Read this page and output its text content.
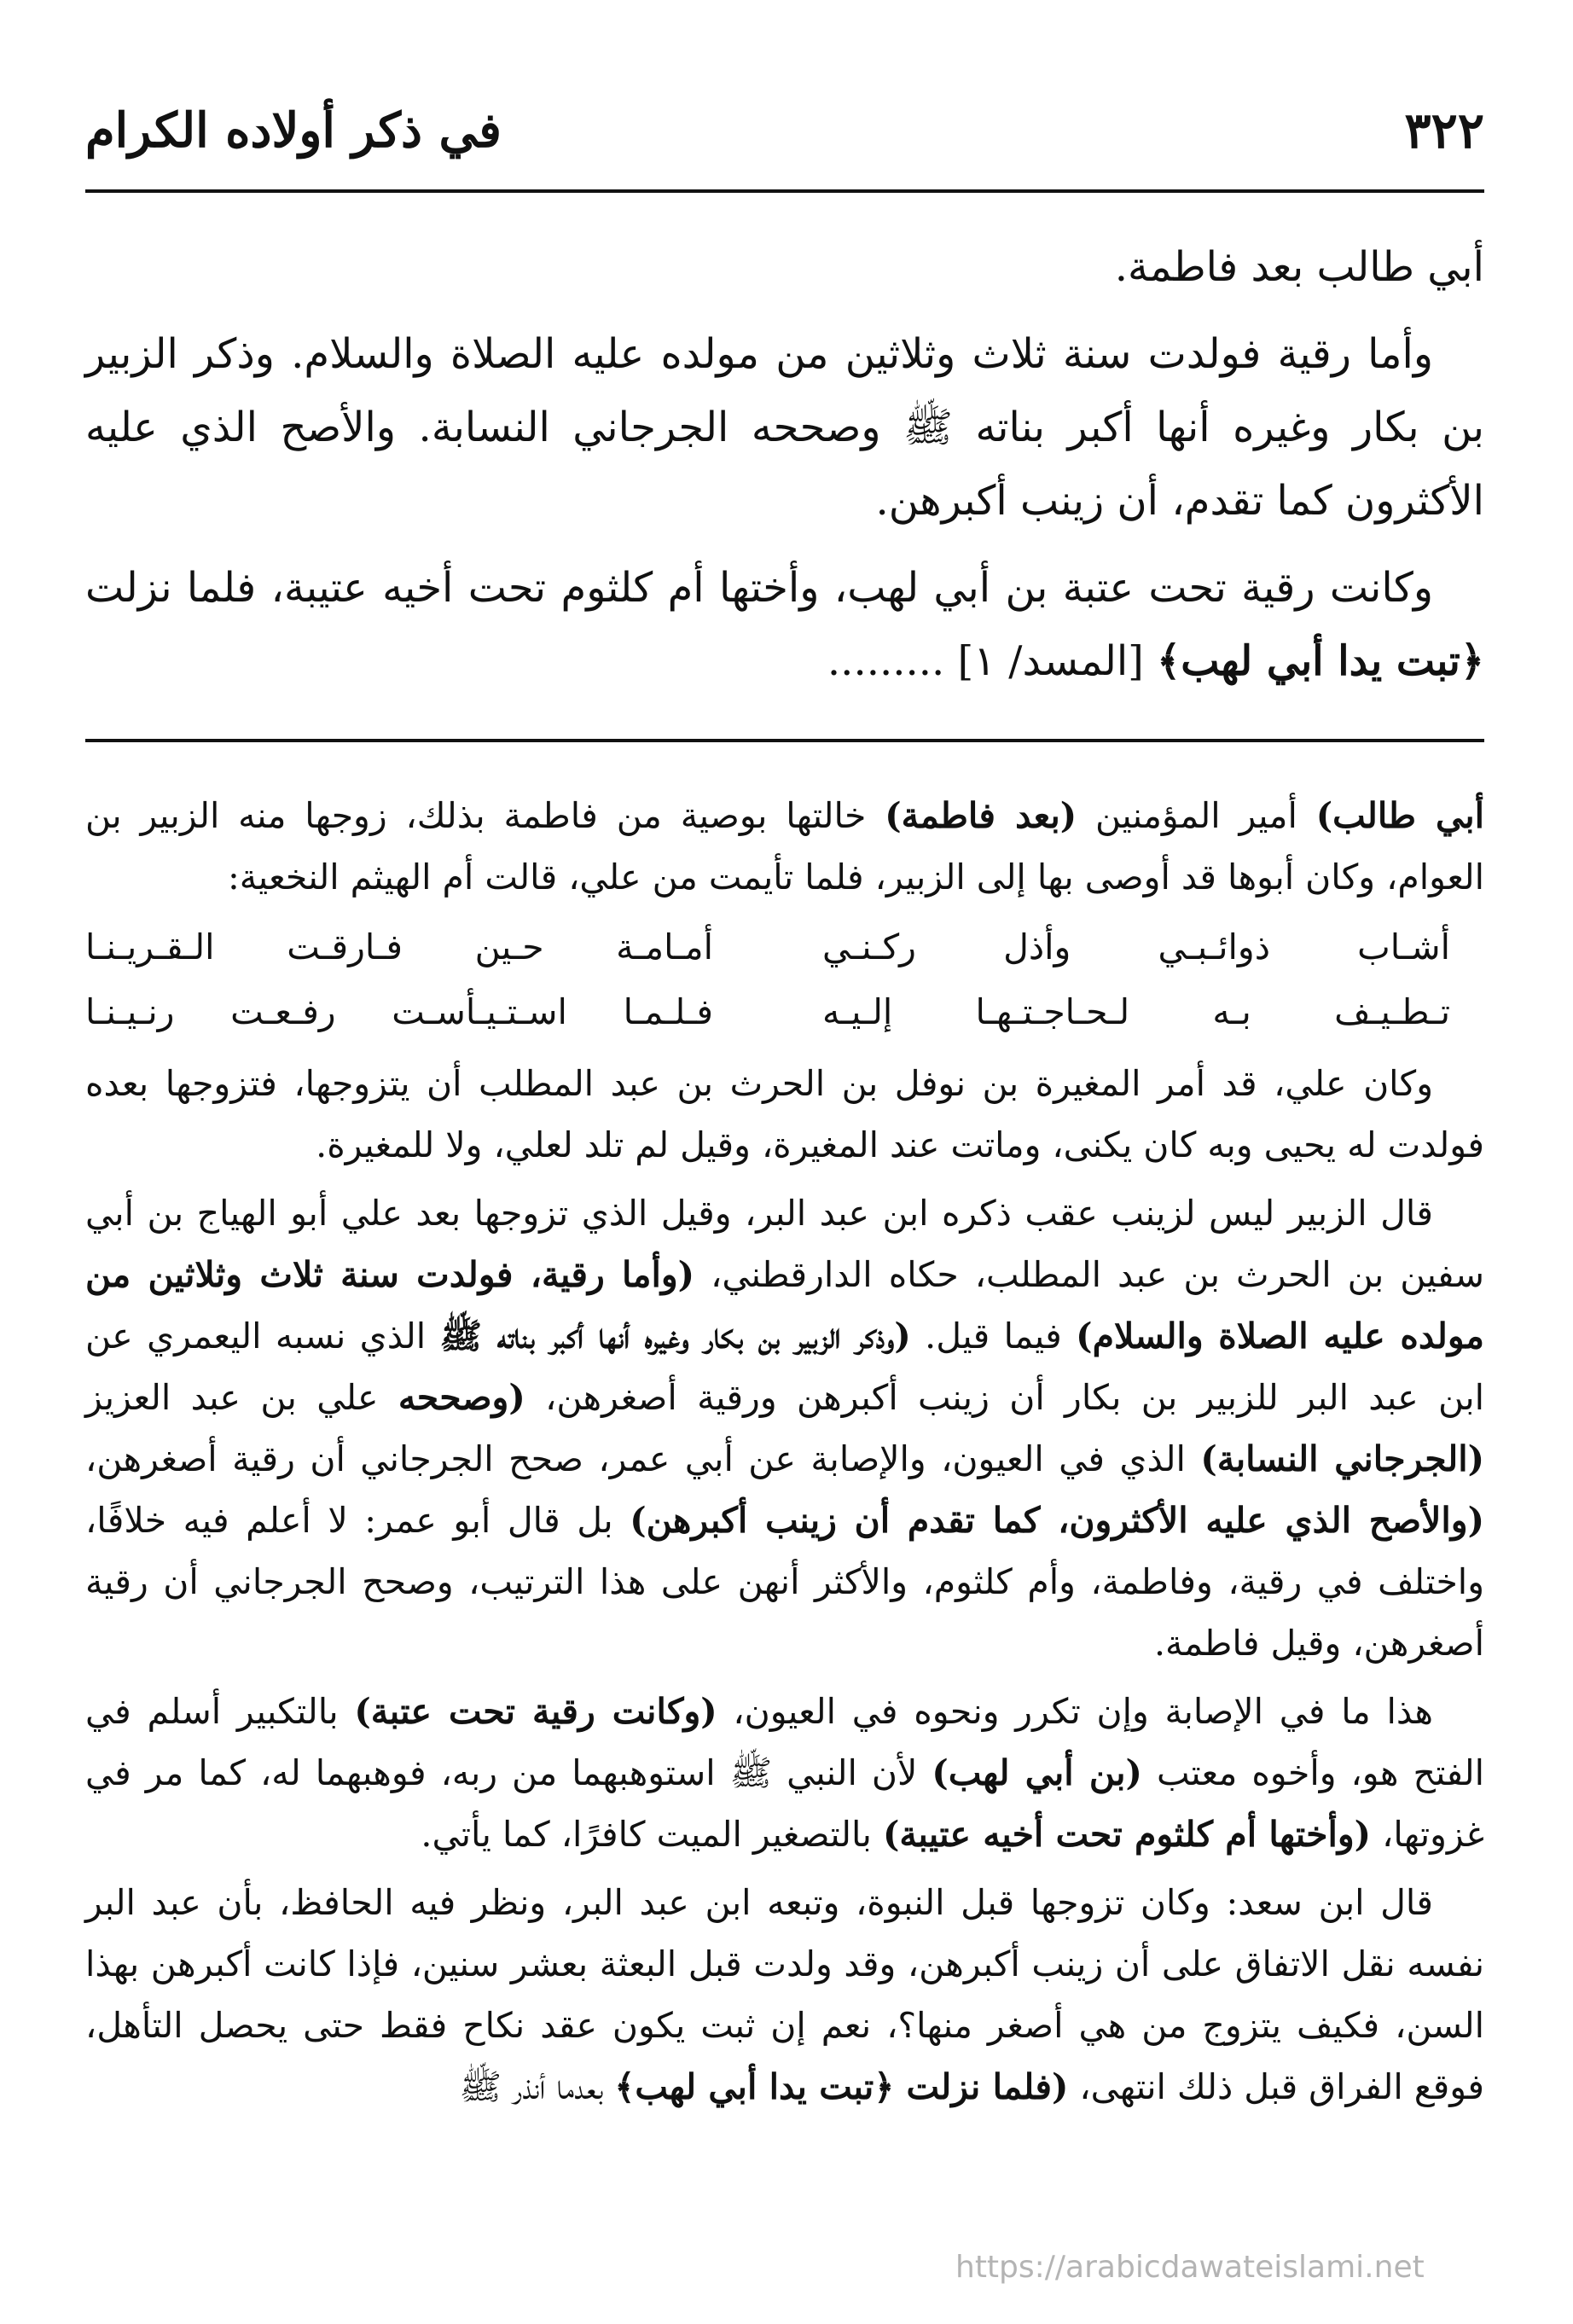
٣٢٢
في ذكر أولاده الكرام

أبي طالب بعد فاطمة.

وأما رقية فولدت سنة ثلاث وثلاثين من مولده عليه الصلاة والسلام. وذكر الزبير بن بكار وغيره أنها أكبر بناته ﷺ وصححه الجرجاني النسابة. والأصح الذي عليه الأكثرون كما تقدم، أن زينب أكبرهن.

وكانت رقية تحت عتبة بن أبي لهب، وأختها أم كلثوم تحت أخيه عتيبة، فلما نزلت ﴿تبت يدا أبي لهب﴾ [المسد/ ١] .........

أبي طالب) أمير المؤمنين (بعد فاطمة) خالتها بوصية من فاطمة بذلك، زوجها منه الزبير بن العوام، وكان أبوها قد أوصى بها إلى الزبير، فلما تأيمت من علي، قالت أم الهيثم النخعية:

أشـاب ذوائـبـي وأذل ركـنـي
أمـامـة حـين فـارقـت الـقـريـنـا
تـطـيـف بـه لـحـاجـتـهـا إلـيـه
فـلـمـا اسـتـيـأسـت رفـعـت رنـيـنـا

وكان علي، قد أمر المغيرة بن نوفل بن الحرث بن عبد المطلب أن يتزوجها، فتزوجها بعده فولدت له يحيى وبه كان يكنى، وماتت عند المغيرة، وقيل لم تلد لعلي، ولا للمغيرة.

قال الزبير ليس لزينب عقب ذكره ابن عبد البر، وقيل الذي تزوجها بعد علي أبو الهياج بن أبي سفين بن الحرث بن عبد المطلب، حكاه الدارقطني، (وأما رقية، فولدت سنة ثلاث وثلاثين من مولده عليه الصلاة والسلام) فيما قيل. (وذكر الزبير بن بكار وغيره أنها أكبر بناته ﷺ الذي نسبه اليعمري عن ابن عبد البر للزبير بن بكار أن زينب أكبرهن ورقية أصغرهن، (وصححه علي بن عبد العزيز (الجرجاني النسابة) الذي في العيون، والإصابة عن أبي عمر، صحح الجرجاني أن رقية أصغرهن، (والأصح الذي عليه الأكثرون، كما تقدم أن زينب أكبرهن) بل قال أبو عمر: لا أعلم فيه خلافًا، واختلف في رقية، وفاطمة، وأم كلثوم، والأكثر أنهن على هذا الترتيب، وصحح الجرجاني أن رقية أصغرهن، وقيل فاطمة.

هذا ما في الإصابة وإن تكرر ونحوه في العيون، (وكانت رقية تحت عتبة) بالتكبير أسلم في الفتح هو، وأخوه معتب (بن أبي لهب) لأن النبي ﷺ استوهبهما من ربه، فوهبهما له، كما مر في غزوتها، (وأختها أم كلثوم تحت أخيه عتيبة) بالتصغير الميت كافرًا، كما يأتي.

قال ابن سعد: وكان تزوجها قبل النبوة، وتبعه ابن عبد البر، ونظر فيه الحافظ، بأن عبد البر نفسه نقل الاتفاق على أن زينب أكبرهن، وقد ولدت قبل البعثة بعشر سنين، فإذا كانت أكبرهن بهذا السن، فكيف يتزوج من هي أصغر منها؟، نعم إن ثبت يكون عقد نكاح فقط حتى يحصل التأهل، فوقع الفراق قبل ذلك انتهى، (فلما نزلت ﴿تبت يدا أبي لهب﴾ بعدما أنذر ﷺ

https://arabicdawateislami.net
